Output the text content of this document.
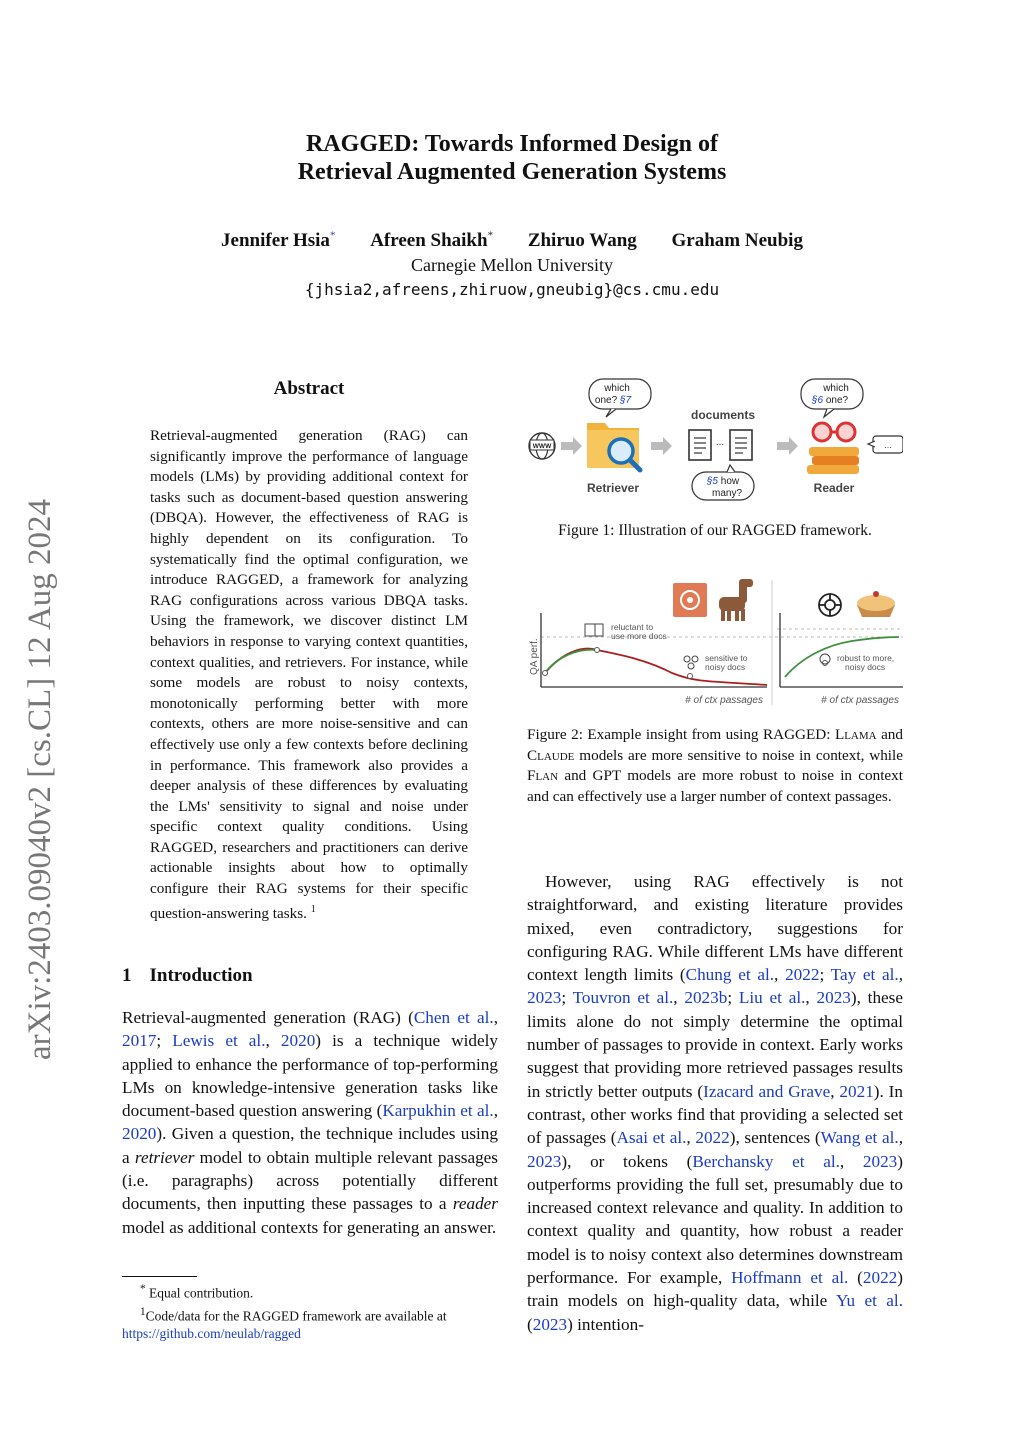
arXiv:2403.09040v2 [cs.CL] 12 Aug 2024
RAGGED: Towards Informed Design of
Retrieval Augmented Generation Systems
Jennifer Hsia* Afreen Shaikh* Zhiruo Wang Graham Neubig
Carnegie Mellon University
{jhsia2,afreens,zhiruow,gneubig}@cs.cmu.edu
Abstract
Retrieval-augmented generation (RAG) can significantly improve the performance of language models (LMs) by providing additional context for tasks such as document-based question answering (DBQA). However, the effectiveness of RAG is highly dependent on its configuration. To systematically find the optimal configuration, we introduce RAGGED, a framework for analyzing RAG configurations across various DBQA tasks. Using the framework, we discover distinct LM behaviors in response to varying context quantities, context qualities, and retrievers. For instance, while some models are robust to noisy contexts, monotonically performing better with more contexts, others are more noise-sensitive and can effectively use only a few contexts before declining in performance. This framework also provides a deeper analysis of these differences by evaluating the LMs' sensitivity to signal and noise under specific context quality conditions. Using RAGGED, researchers and practitioners can derive actionable insights about how to optimally configure their RAG systems for their specific question-answering tasks. $^1$
1 Introduction
Retrieval-augmented generation (RAG) (Chen et al., 2017; Lewis et al., 2020) is a technique widely applied to enhance the performance of top-performing LMs on knowledge-intensive generation tasks like document-based question answering (Karpukhin et al., 2020). Given a question, the technique includes using a retriever model to obtain multiple relevant passages (i.e. paragraphs) across potentially different documents, then inputting these passages to a reader model as additional contexts for generating an answer.
However, using RAG effectively is not straightforward, and existing literature provides mixed, even contradictory, suggestions for configuring RAG. While different LMs have different context length limits (Chung et al., 2022; Tay et al., 2023; Touvron et al., 2023b; Liu et al., 2023), these limits alone do not simply determine the optimal number of passages to provide in context. Early works suggest that providing more retrieved passages results in strictly better outputs (Izacard and Grave, 2021). In contrast, other works find that providing a selected set of passages (Asai et al., 2022), sentences (Wang et al., 2023), or tokens (Berchansky et al., 2023) outperforms providing the full set, presumably due to increased context relevance and quality. In addition to context quality and quantity, how robust a reader model is to noisy context also determines downstream performance. For example, Hoffmann et al. (2022) train models on high-quality data, while Yu et al. (2023) intention-
* Equal contribution.
$^1$Code/data for the RAGGED framework are available at
https://github.com/neulab/ragged
WWW
Retriever
which
one? §7
documents
...
§5 how
many?	Reader
which
§6 one?
...
Figure 1: Illustration of our RAGGED framework.
QA perf.
reluctant to
use more docs
sensitive to
noisy docs
# of ctx passages
robust to more,
noisy docs
# of ctx passages
Figure 2: Example insight from using RAGGED: Llama and Claude models are more sensitive to noise in context, while Flan and GPT models are more robust to noise in context and can effectively use a larger number of context passages.
